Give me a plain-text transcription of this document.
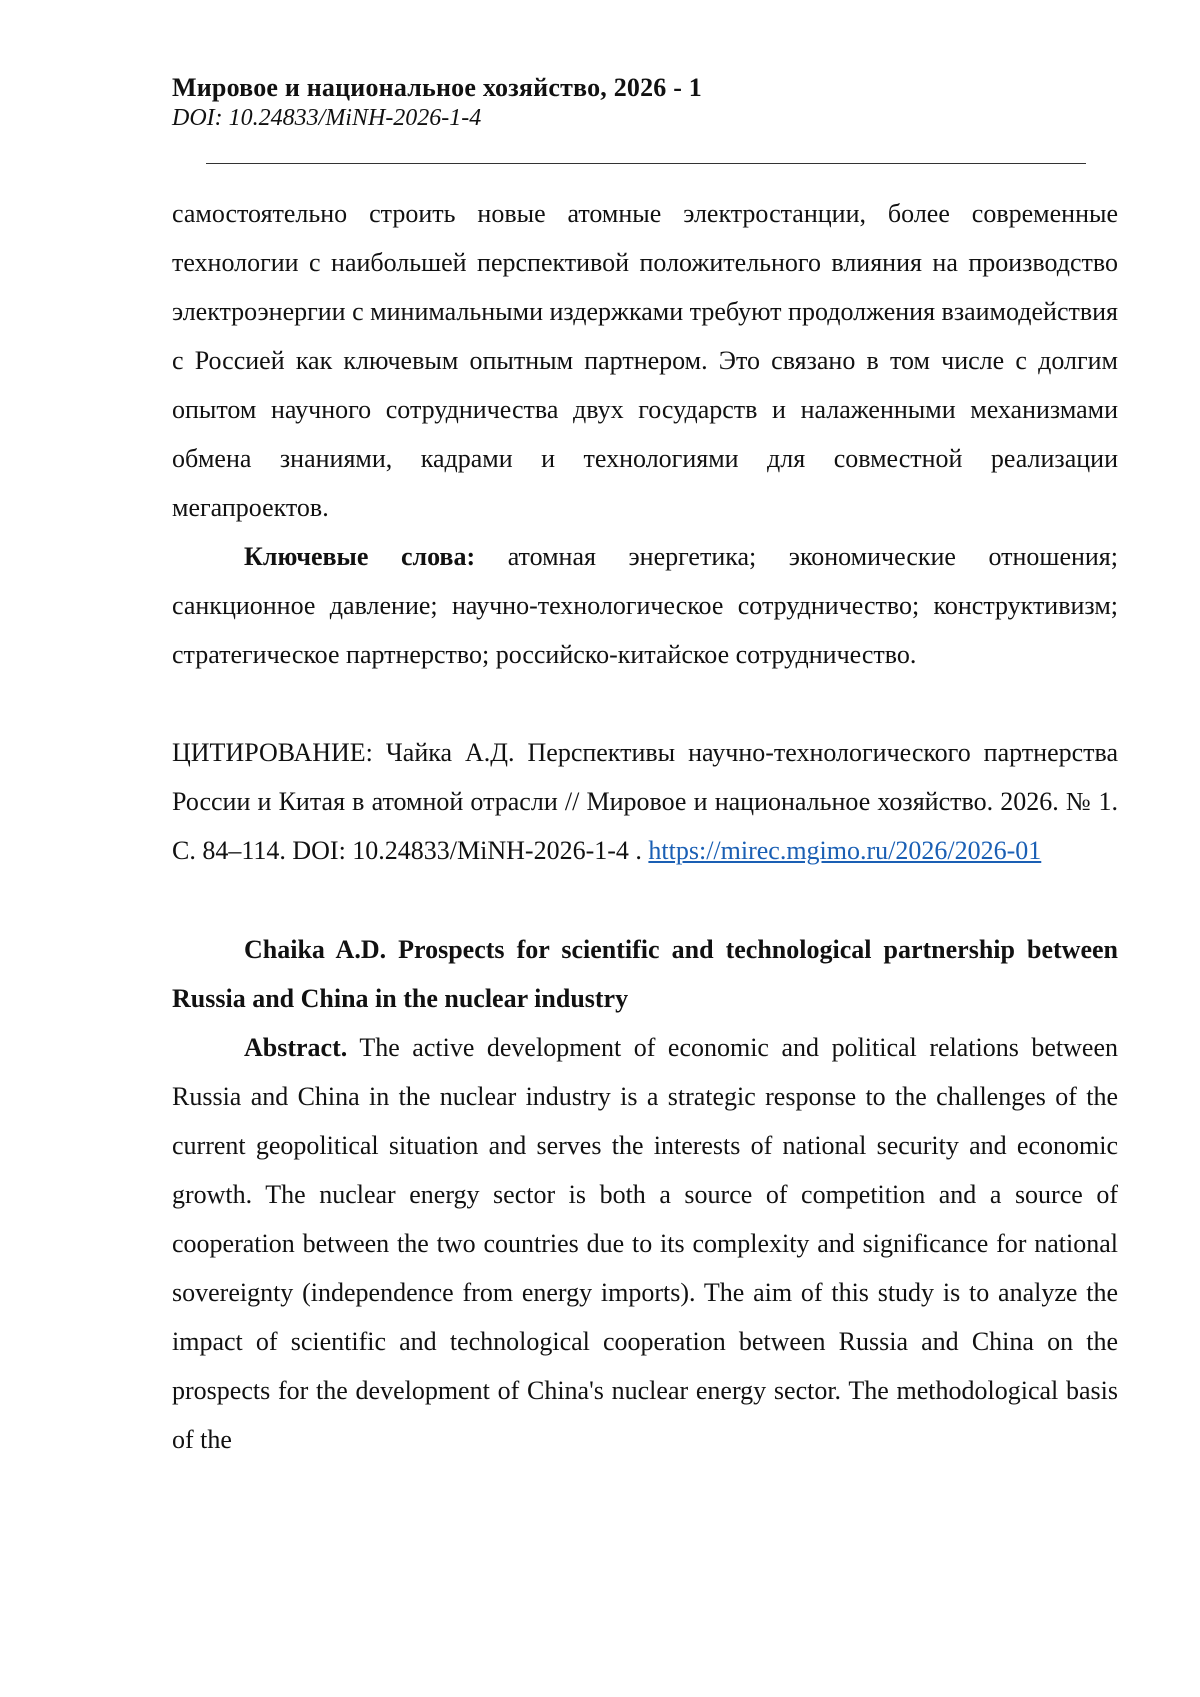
Мировое и национальное хозяйство, 2026 - 1
DOI: 10.24833/MiNH-2026-1-4

самостоятельно строить новые атомные электростанции, более современные технологии с наибольшей перспективой положительного влияния на производство электроэнергии с минимальными издержками требуют продолжения взаимодействия с Россией как ключевым опытным партнером. Это связано в том числе с долгим опытом научного сотрудничества двух государств и налаженными механизмами обмена знаниями, кадрами и технологиями для совместной реализации мегапроектов.

Ключевые слова: атомная энергетика; экономические отношения; санкционное давление; научно-технологическое сотрудничество; конструктивизм; стратегическое партнерство; российско-китайское сотрудничество.

ЦИТИРОВАНИЕ: Чайка А.Д. Перспективы научно-технологического партнерства России и Китая в атомной отрасли // Мировое и национальное хозяйство. 2026. № 1. С. 84–114. DOI: 10.24833/MiNH-2026-1-4 . https://mirec.mgimo.ru/2026/2026-01

Chaika A.D. Prospects for scientific and technological partnership between Russia and China in the nuclear industry

Abstract. The active development of economic and political relations between Russia and China in the nuclear industry is a strategic response to the challenges of the current geopolitical situation and serves the interests of national security and economic growth. The nuclear energy sector is both a source of competition and a source of cooperation between the two countries due to its complexity and significance for national sovereignty (independence from energy imports). The aim of this study is to analyze the impact of scientific and technological cooperation between Russia and China on the prospects for the development of China's nuclear energy sector. The methodological basis of the
